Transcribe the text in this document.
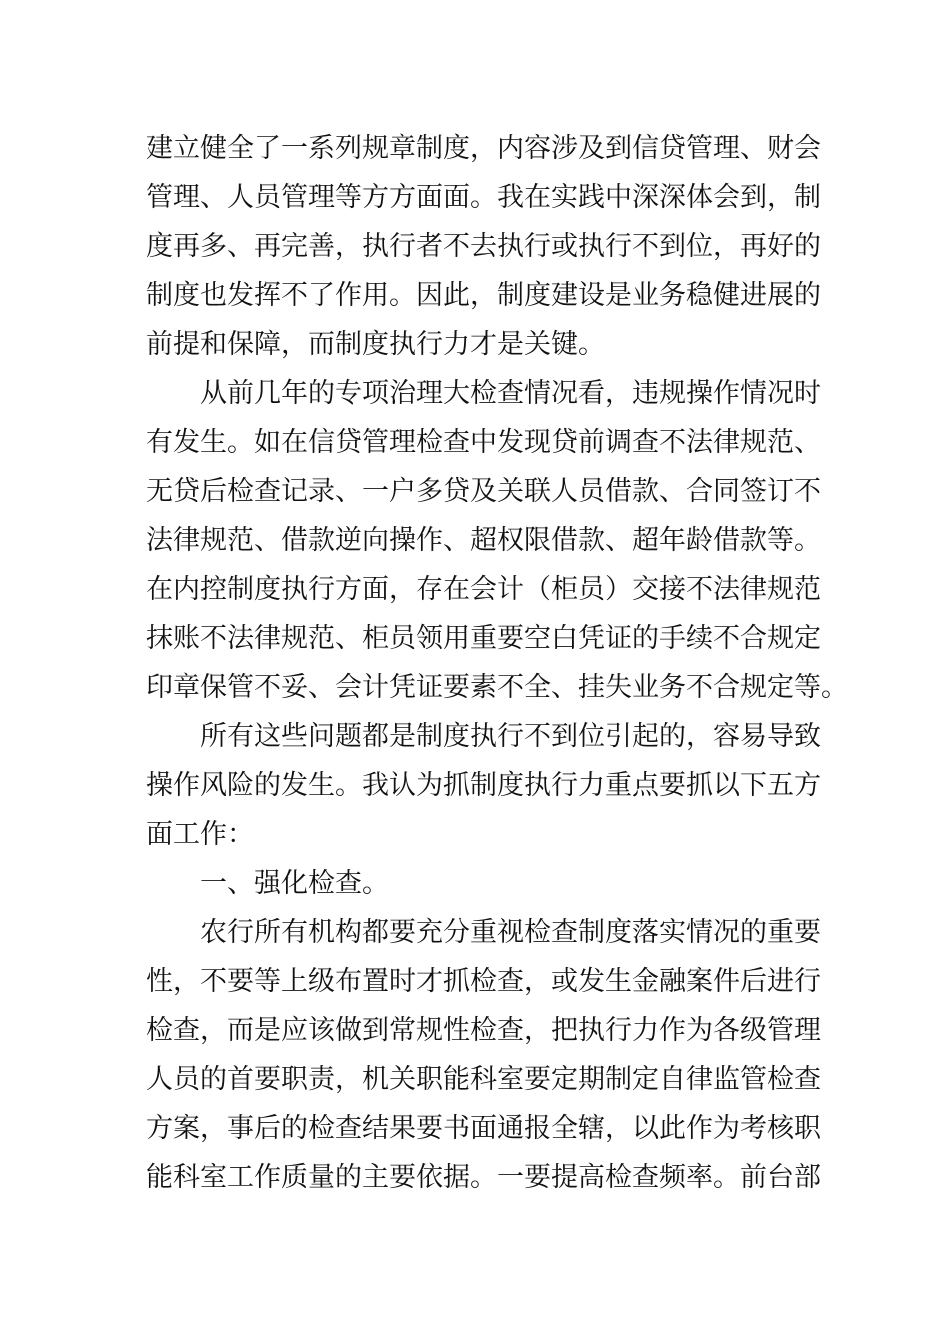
建立健全了一系列规章制度，内容涉及到信贷管理、财会
管理、人员管理等方方面面。我在实践中深深体会到，制
度再多、再完善，执行者不去执行或执行不到位，再好的
制度也发挥不了作用。因此，制度建设是业务稳健进展的
前提和保障，而制度执行力才是关键。
从前几年的专项治理大检查情况看，违规操作情况时
有发生。如在信贷管理检查中发现贷前调查不法律规范、
无贷后检查记录、一户多贷及关联人员借款、合同签订不
法律规范、借款逆向操作、超权限借款、超年龄借款等。
在内控制度执行方面，存在会计（柜员）交接不法律规范
抹账不法律规范、柜员领用重要空白凭证的手续不合规定
印章保管不妥、会计凭证要素不全、挂失业务不合规定等。
所有这些问题都是制度执行不到位引起的，容易导致
操作风险的发生。我认为抓制度执行力重点要抓以下五方
面工作：
一、强化检查。
农行所有机构都要充分重视检查制度落实情况的重要
性，不要等上级布置时才抓检查，或发生金融案件后进行
检查，而是应该做到常规性检查，把执行力作为各级管理
人员的首要职责，机关职能科室要定期制定自律监管检查
方案，事后的检查结果要书面通报全辖，以此作为考核职
能科室工作质量的主要依据。一要提高检查频率。前台部
